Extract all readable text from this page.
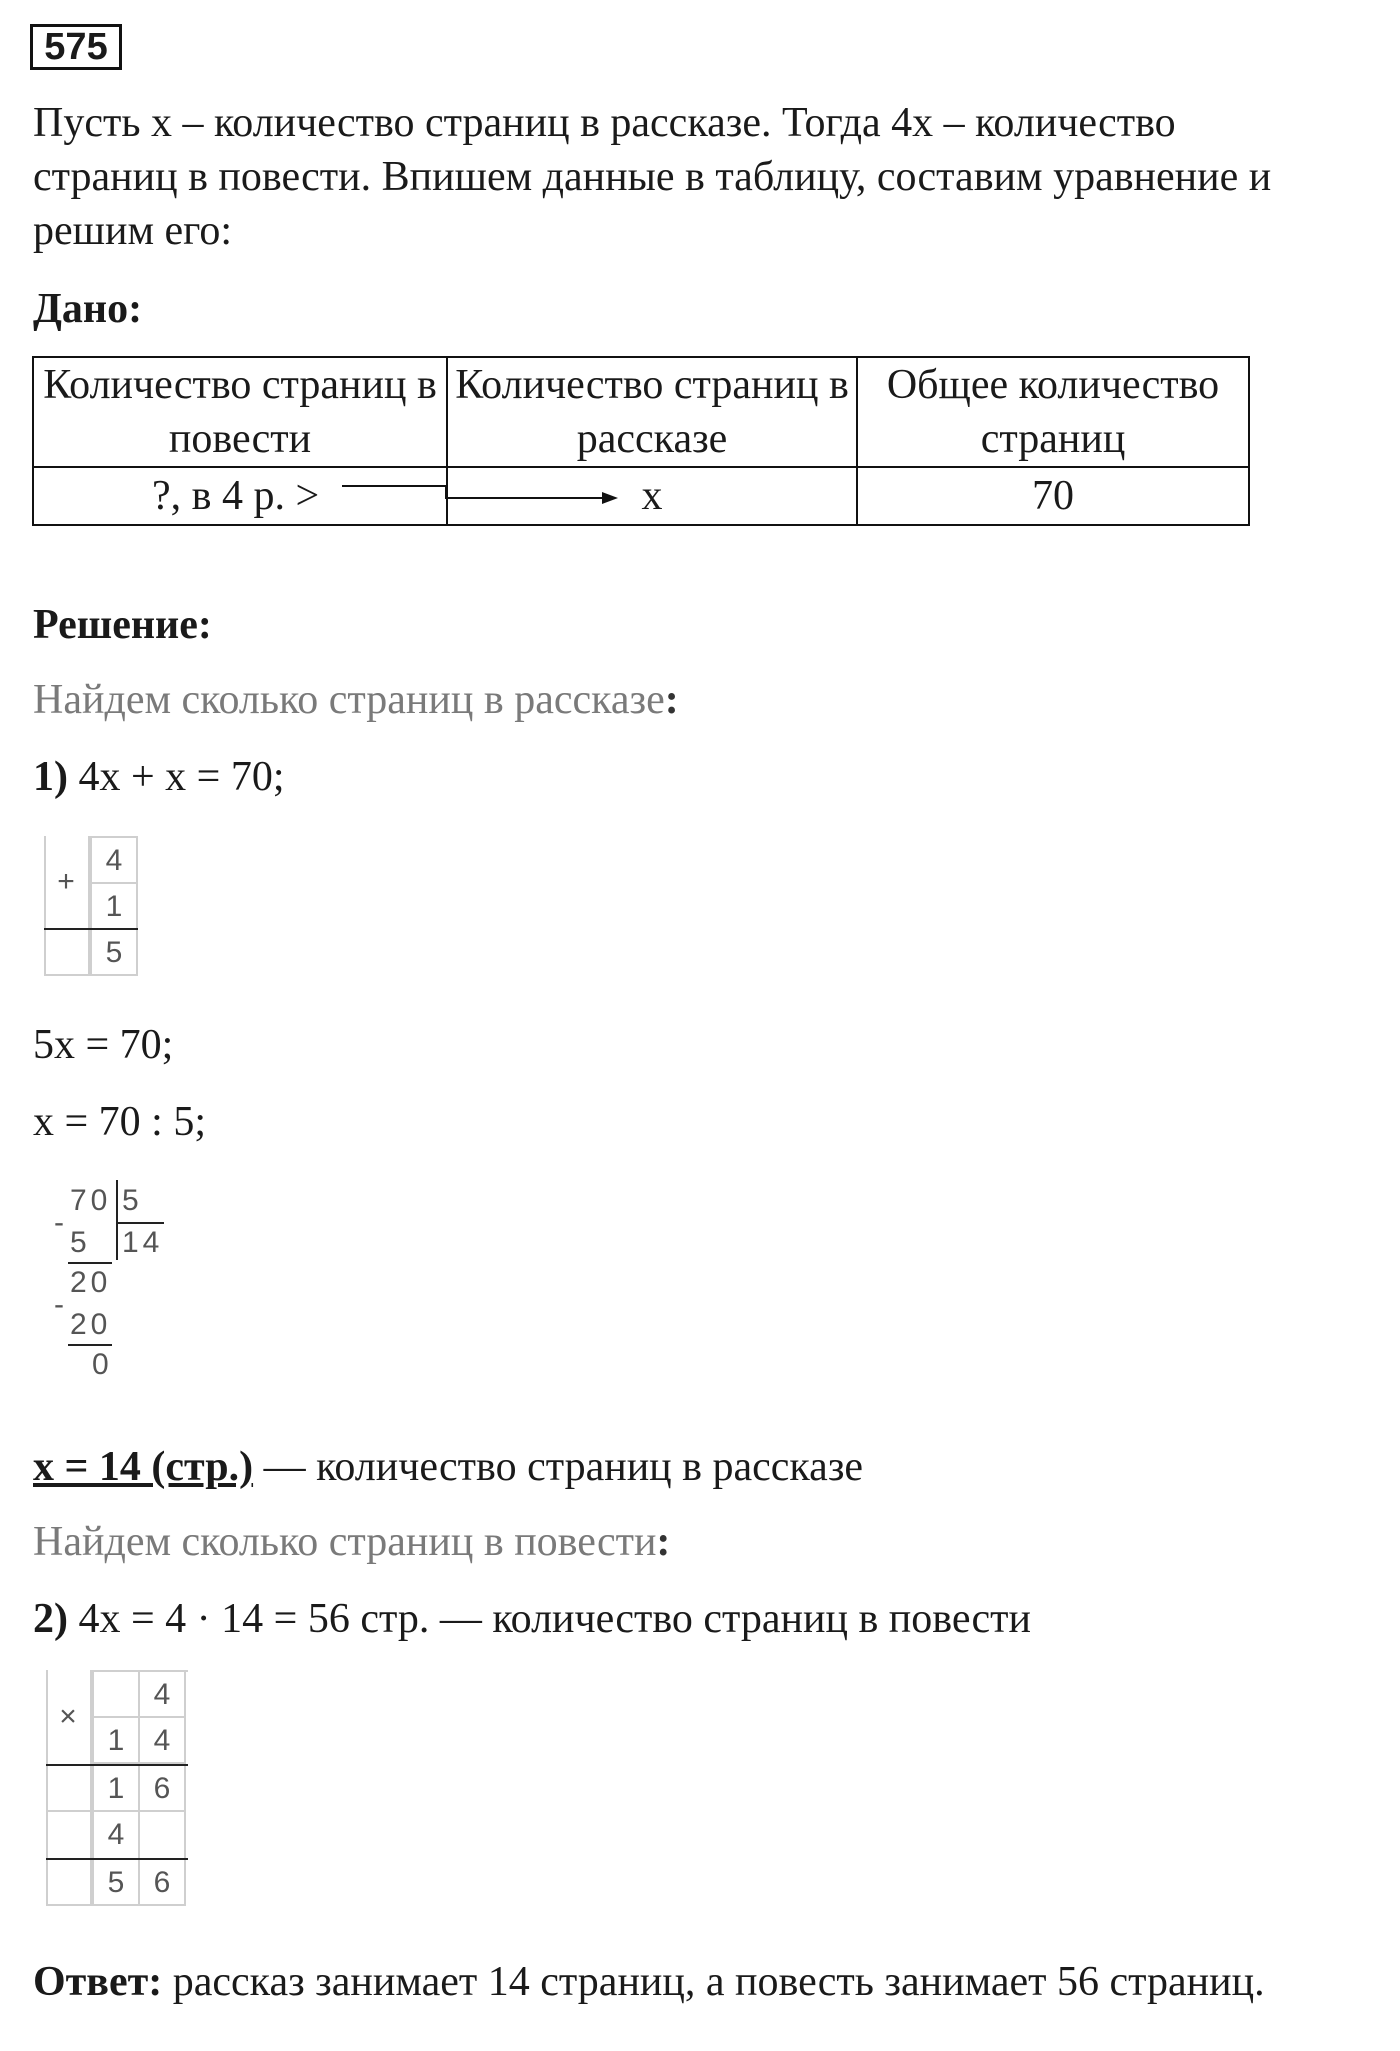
575

Пусть х – количество страниц в рассказе. Тогда 4х – количество

страниц в повести. Впишем данные в таблицу, составим уравнение и

решим его:

Дано:
Количество страниц в повести	Количество страниц в рассказе	Общее количество страниц
?, в 4 р. >	х	70
Решение:
Найдем сколько страниц в рассказе:
1) 4х + х = 70;
+
4
1
5
5х = 70;
х = 70 : 5;
70 5
14
-
5
20
-
20
0
х = 14 (стр.) — количество страниц в рассказе
Найдем сколько страниц в повести:
2) 4х = 4 · 14 = 56 стр. — количество страниц в повести
×
4
1 4
1 6
4
5 6
Ответ: рассказ занимает 14 страниц, а повесть занимает 56 страниц.
